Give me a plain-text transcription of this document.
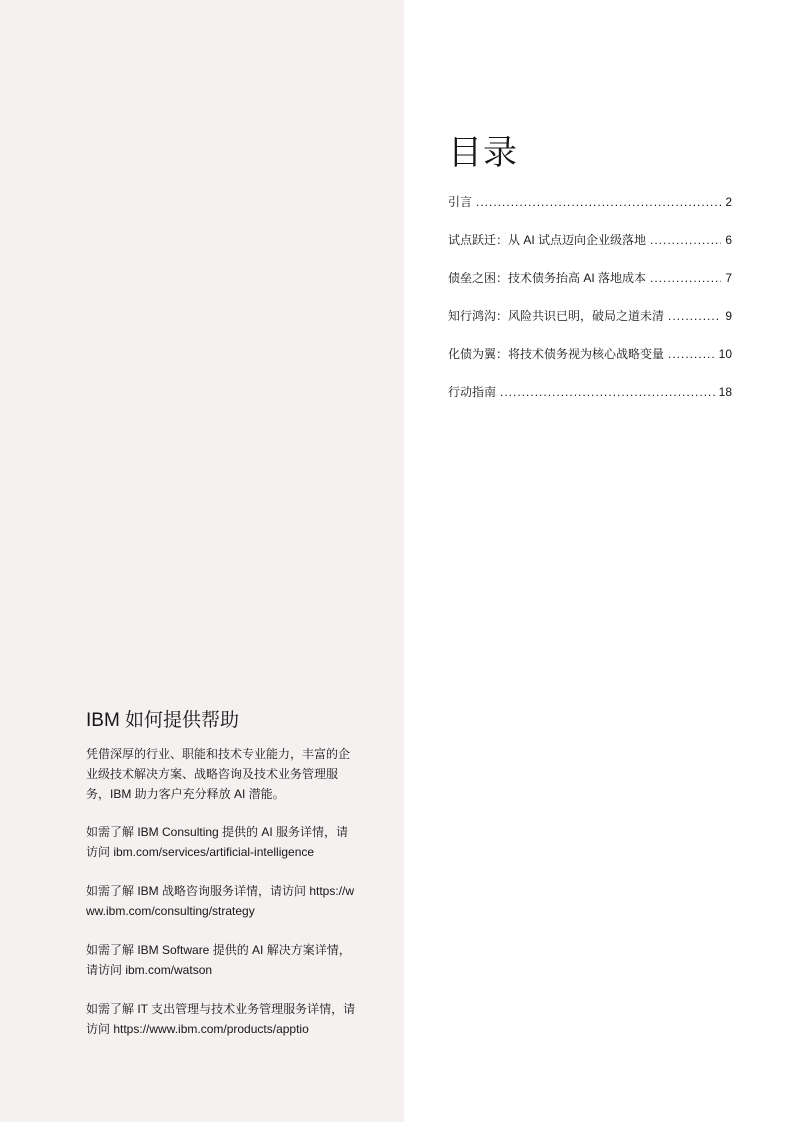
目录
引言 .....	2
试点跃迁：从 AI 试点迈向企业级落地 .....	6
债垒之困：技术债务抬高 AI 落地成本 .....	7
知行鸿沟：风险共识已明，破局之道未清 .....	9
化债为翼：将技术债务视为核心战略变量 .....	10
行动指南 .....	18
IBM 如何提供帮助

凭借深厚的行业、职能和技术专业能力，丰富的企业级技术解决方案、战略咨询及技术业务管理服务，IBM 助力客户充分释放 AI 潜能。

如需了解 IBM Consulting 提供的 AI 服务详情，请访问 ibm.com/services/artificial-intelligence

如需了解 IBM 战略咨询服务详情，请访问 https://www.ibm.com/consulting/strategy

如需了解 IBM Software 提供的 AI 解决方案详情，请访问 ibm.com/watson

如需了解 IT 支出管理与技术业务管理服务详情，请访问 https://www.ibm.com/products/apptio
